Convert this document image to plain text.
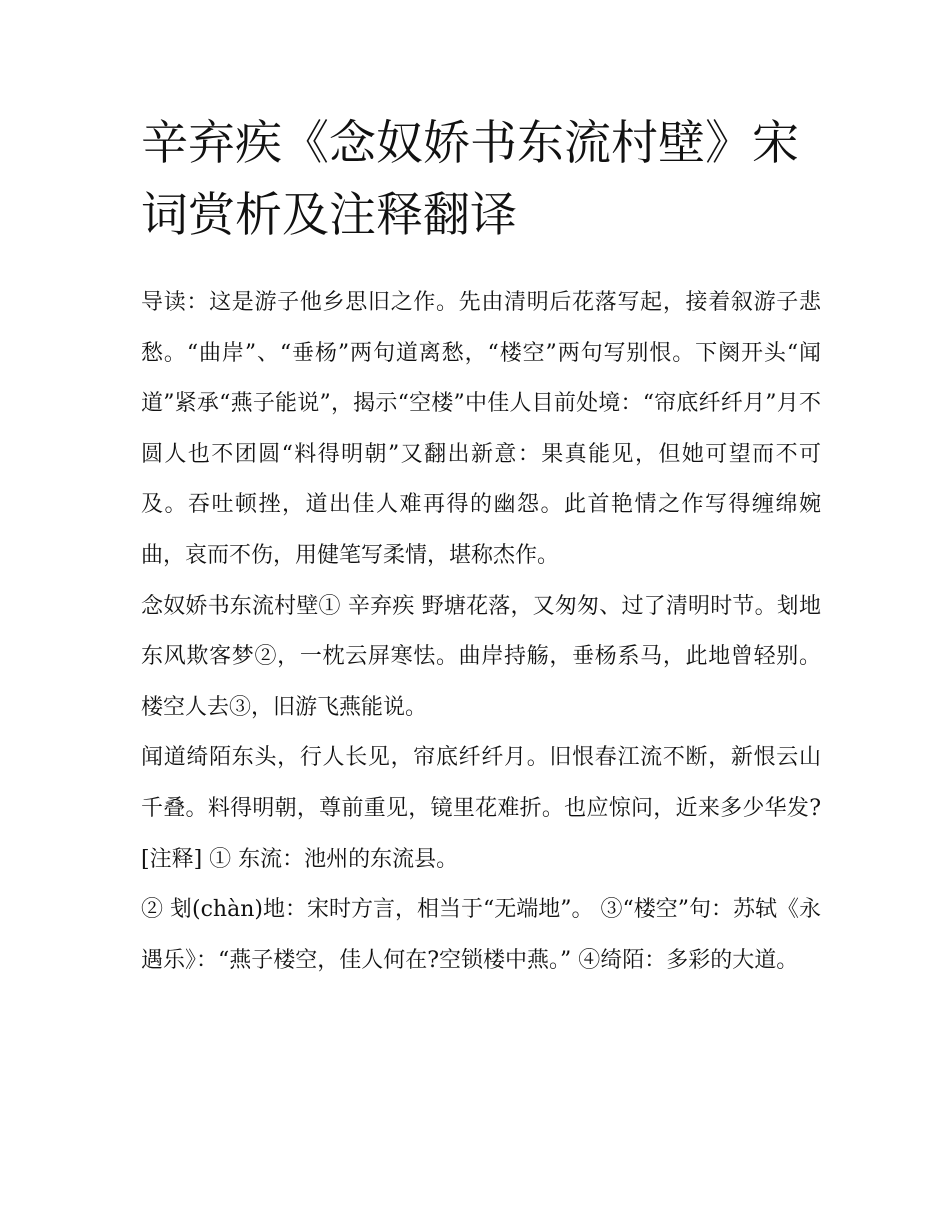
辛弃疾《念奴娇书东流村壁》宋词赏析及注释翻译

导读：这是游子他乡思旧之作。先由清明后花落写起，接着叙游子悲愁。“曲岸”、“垂杨”两句道离愁，“楼空”两句写别恨。下阕开头“闻道”紧承“燕子能说”，揭示“空楼”中佳人目前处境：“帘底纤纤月”月不圆人也不团圆“料得明朝”又翻出新意：果真能见，但她可望而不可及。吞吐顿挫，道出佳人难再得的幽怨。此首艳情之作写得缠绵婉曲，哀而不伤，用健笔写柔情，堪称杰作。

念奴娇书东流村壁① 辛弃疾 野塘花落，又匆匆、过了清明时节。刬地东风欺客梦②，一枕云屏寒怯。曲岸持觞，垂杨系马，此地曾轻别。楼空人去③，旧游飞燕能说。

闻道绮陌东头，行人长见，帘底纤纤月。旧恨春江流不断，新恨云山千叠。料得明朝，尊前重见，镜里花难折。也应惊问，近来多少华发? [注释] ① 东流：池州的东流县。

② 刬(chàn)地：宋时方言，相当于“无端地”。 ③“楼空”句：苏轼《永遇乐》：“燕子楼空，佳人何在?空锁楼中燕。” ④绮陌：多彩的大道。
